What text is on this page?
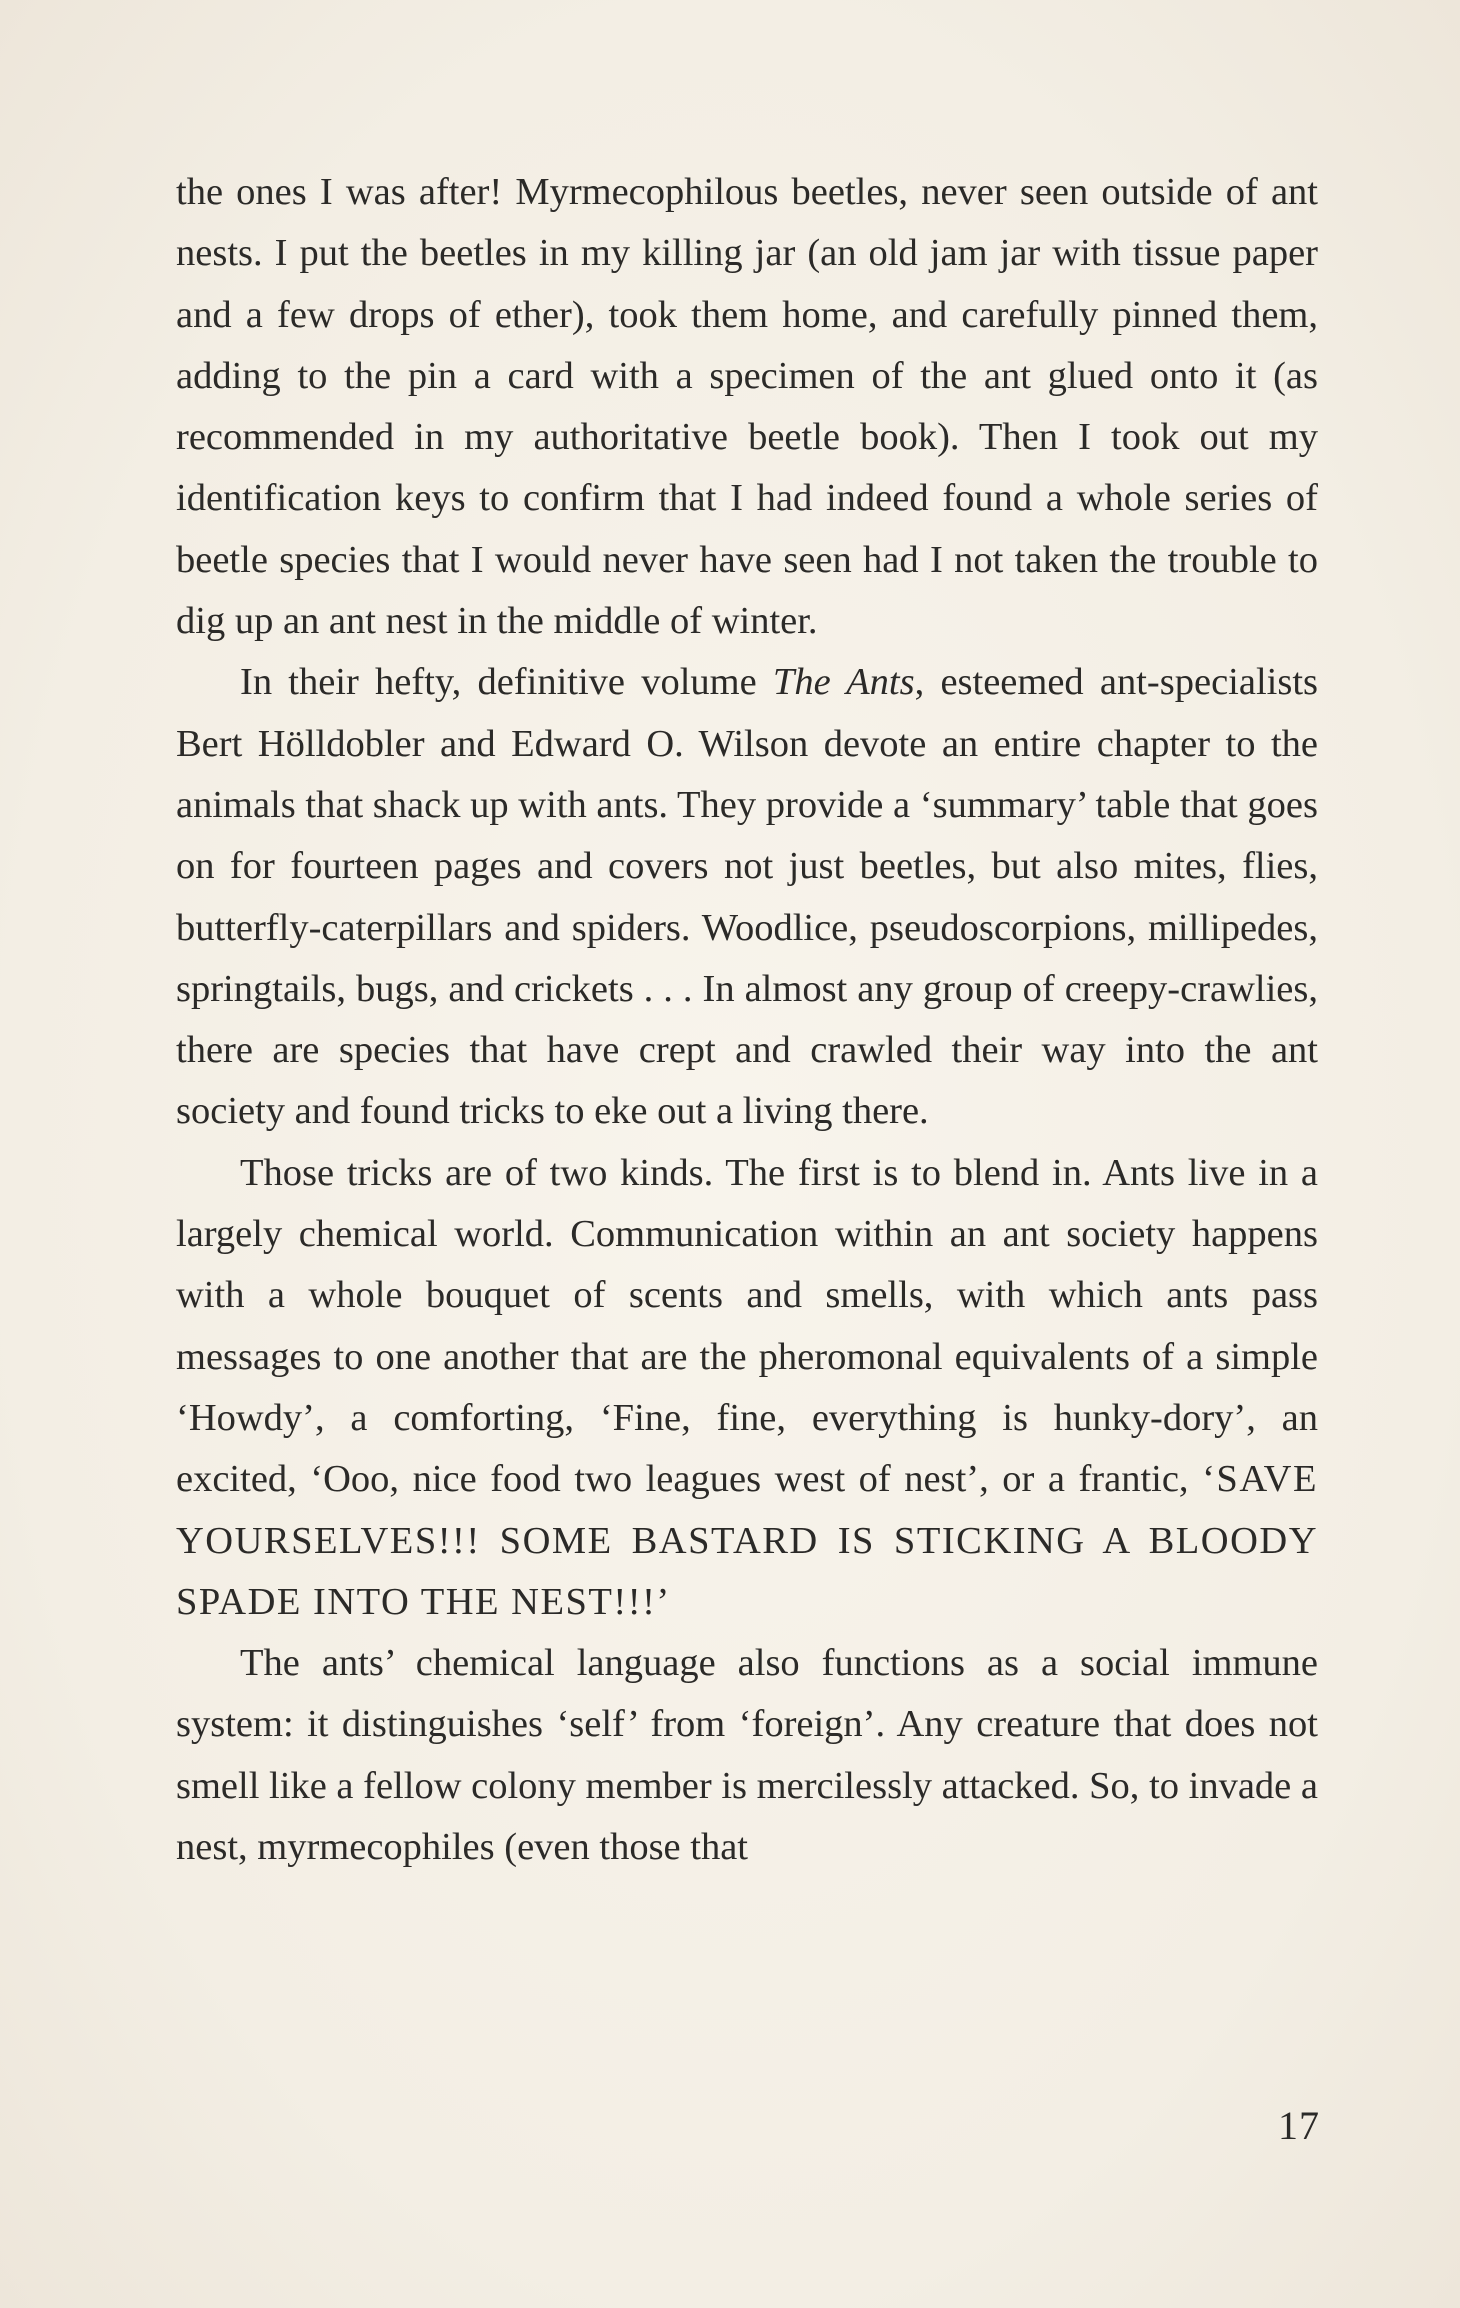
the ones I was after! Myrmecophilous beetles, never seen outside of ant nests. I put the beetles in my killing jar (an old jam jar with tissue paper and a few drops of ether), took them home, and carefully pinned them, adding to the pin a card with a specimen of the ant glued onto it (as recommended in my authoritative beetle book). Then I took out my identification keys to confirm that I had indeed found a whole series of beetle species that I would never have seen had I not taken the trouble to dig up an ant nest in the middle of winter.

In their hefty, definitive volume The Ants, esteemed ant-specialists Bert Hölldobler and Edward O. Wilson devote an entire chapter to the animals that shack up with ants. They provide a ‘summary’ table that goes on for fourteen pages and covers not just beetles, but also mites, flies, butterfly-caterpillars and spiders. Woodlice, pseudoscorpions, millipedes, springtails, bugs, and crickets . . . In almost any group of creepy-crawlies, there are species that have crept and crawled their way into the ant society and found tricks to eke out a living there.

Those tricks are of two kinds. The first is to blend in. Ants live in a largely chemical world. Communication within an ant society happens with a whole bouquet of scents and smells, with which ants pass messages to one another that are the pheromonal equivalents of a simple ‘Howdy’, a comforting, ‘Fine, fine, everything is hunky-dory’, an excited, ‘Ooo, nice food two leagues west of nest’, or a frantic, ‘SAVE YOURSELVES!!! SOME BASTARD IS STICKING A BLOODY SPADE INTO THE NEST!!!’

The ants’ chemical language also functions as a social immune system: it distinguishes ‘self’ from ‘foreign’. Any creature that does not smell like a fellow colony member is mercilessly attacked. So, to invade a nest, myrmecophiles (even those that

17
